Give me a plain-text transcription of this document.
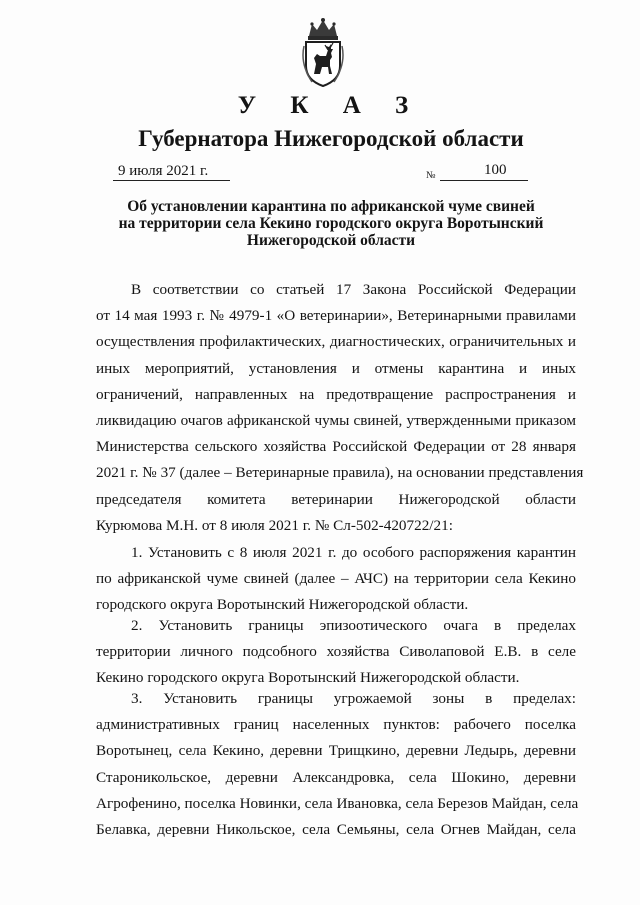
У К А З
Губернатора Нижегородской области
9 июля 2021 г.	№	100
Об установлении карантина по африканской чуме свиней
на территории села Кекино городского округа Воротынский
Нижегородской области
В соответствии со статьей 17 Закона Российской Федерации
от 14 мая 1993 г. № 4979-1 «О ветеринарии», Ветеринарными правилами
осуществления профилактических, диагностических, ограничительных и
иных мероприятий, установления и отмены карантина и иных
ограничений, направленных на предотвращение распространения и
ликвидацию очагов африканской чумы свиней, утвержденными приказом
Министерства сельского хозяйства Российской Федерации от 28 января
2021 г. № 37 (далее – Ветеринарные правила), на основании представления
председателя комитета ветеринарии Нижегородской области
Курюмова М.Н. от 8 июля 2021 г. № Сл-502-420722/21:
1. Установить с 8 июля 2021 г. до особого распоряжения карантин
по африканской чуме свиней (далее – АЧС) на территории села Кекино
городского округа Воротынский Нижегородской области.
2. Установить границы эпизоотического очага в пределах
территории личного подсобного хозяйства Сиволаповой Е.В. в селе
Кекино городского округа Воротынский Нижегородской области.
3. Установить границы угрожаемой зоны в пределах:
административных границ населенных пунктов: рабочего поселка
Воротынец, села Кекино, деревни Трищкино, деревни Ледырь, деревни
Староникольское, деревни Александровка, села Шокино, деревни
Агрофенино, поселка Новинки, села Ивановка, села Березов Майдан, села
Белавка, деревни Никольское, села Семьяны, села Огнев Майдан, села
